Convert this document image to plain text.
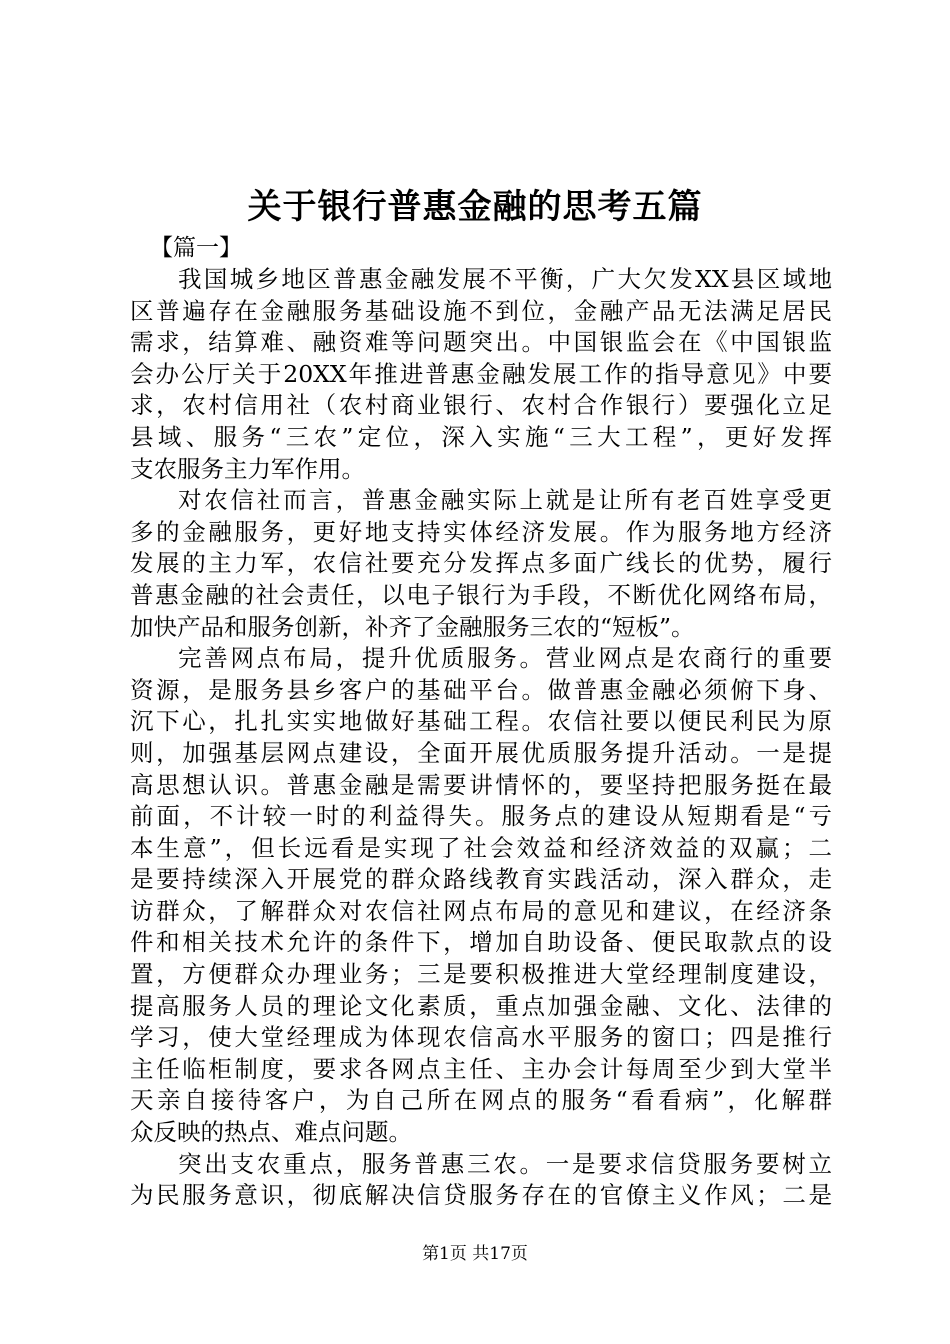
关于银行普惠金融的思考五篇
【篇一】
我国城乡地区普惠金融发展不平衡，广大欠发XX县区域地
区普遍存在金融服务基础设施不到位，金融产品无法满足居民
需求，结算难、融资难等问题突出。中国银监会在《中国银监
会办公厅关于20XX年推进普惠金融发展工作的指导意见》中要
求，农村信用社（农村商业银行、农村合作银行）要强化立足
县域、服务“三农”定位，深入实施“三大工程”，更好发挥
支农服务主力军作用。
对农信社而言，普惠金融实际上就是让所有老百姓享受更
多的金融服务，更好地支持实体经济发展。作为服务地方经济
发展的主力军，农信社要充分发挥点多面广线长的优势，履行
普惠金融的社会责任，以电子银行为手段，不断优化网络布局，
加快产品和服务创新，补齐了金融服务三农的“短板”。
完善网点布局，提升优质服务。营业网点是农商行的重要
资源，是服务县乡客户的基础平台。做普惠金融必须俯下身、
沉下心，扎扎实实地做好基础工程。农信社要以便民利民为原
则，加强基层网点建设，全面开展优质服务提升活动。一是提
高思想认识。普惠金融是需要讲情怀的，要坚持把服务挺在最
前面，不计较一时的利益得失。服务点的建设从短期看是“亏
本生意”，但长远看是实现了社会效益和经济效益的双赢；二
是要持续深入开展党的群众路线教育实践活动，深入群众，走
访群众，了解群众对农信社网点布局的意见和建议，在经济条
件和相关技术允许的条件下，增加自助设备、便民取款点的设
置，方便群众办理业务；三是要积极推进大堂经理制度建设，
提高服务人员的理论文化素质，重点加强金融、文化、法律的
学习，使大堂经理成为体现农信高水平服务的窗口；四是推行
主任临柜制度，要求各网点主任、主办会计每周至少到大堂半
天亲自接待客户，为自己所在网点的服务“看看病”，化解群
众反映的热点、难点问题。
突出支农重点，服务普惠三农。一是要求信贷服务要树立
为民服务意识，彻底解决信贷服务存在的官僚主义作风；二是
第1页 共17页
